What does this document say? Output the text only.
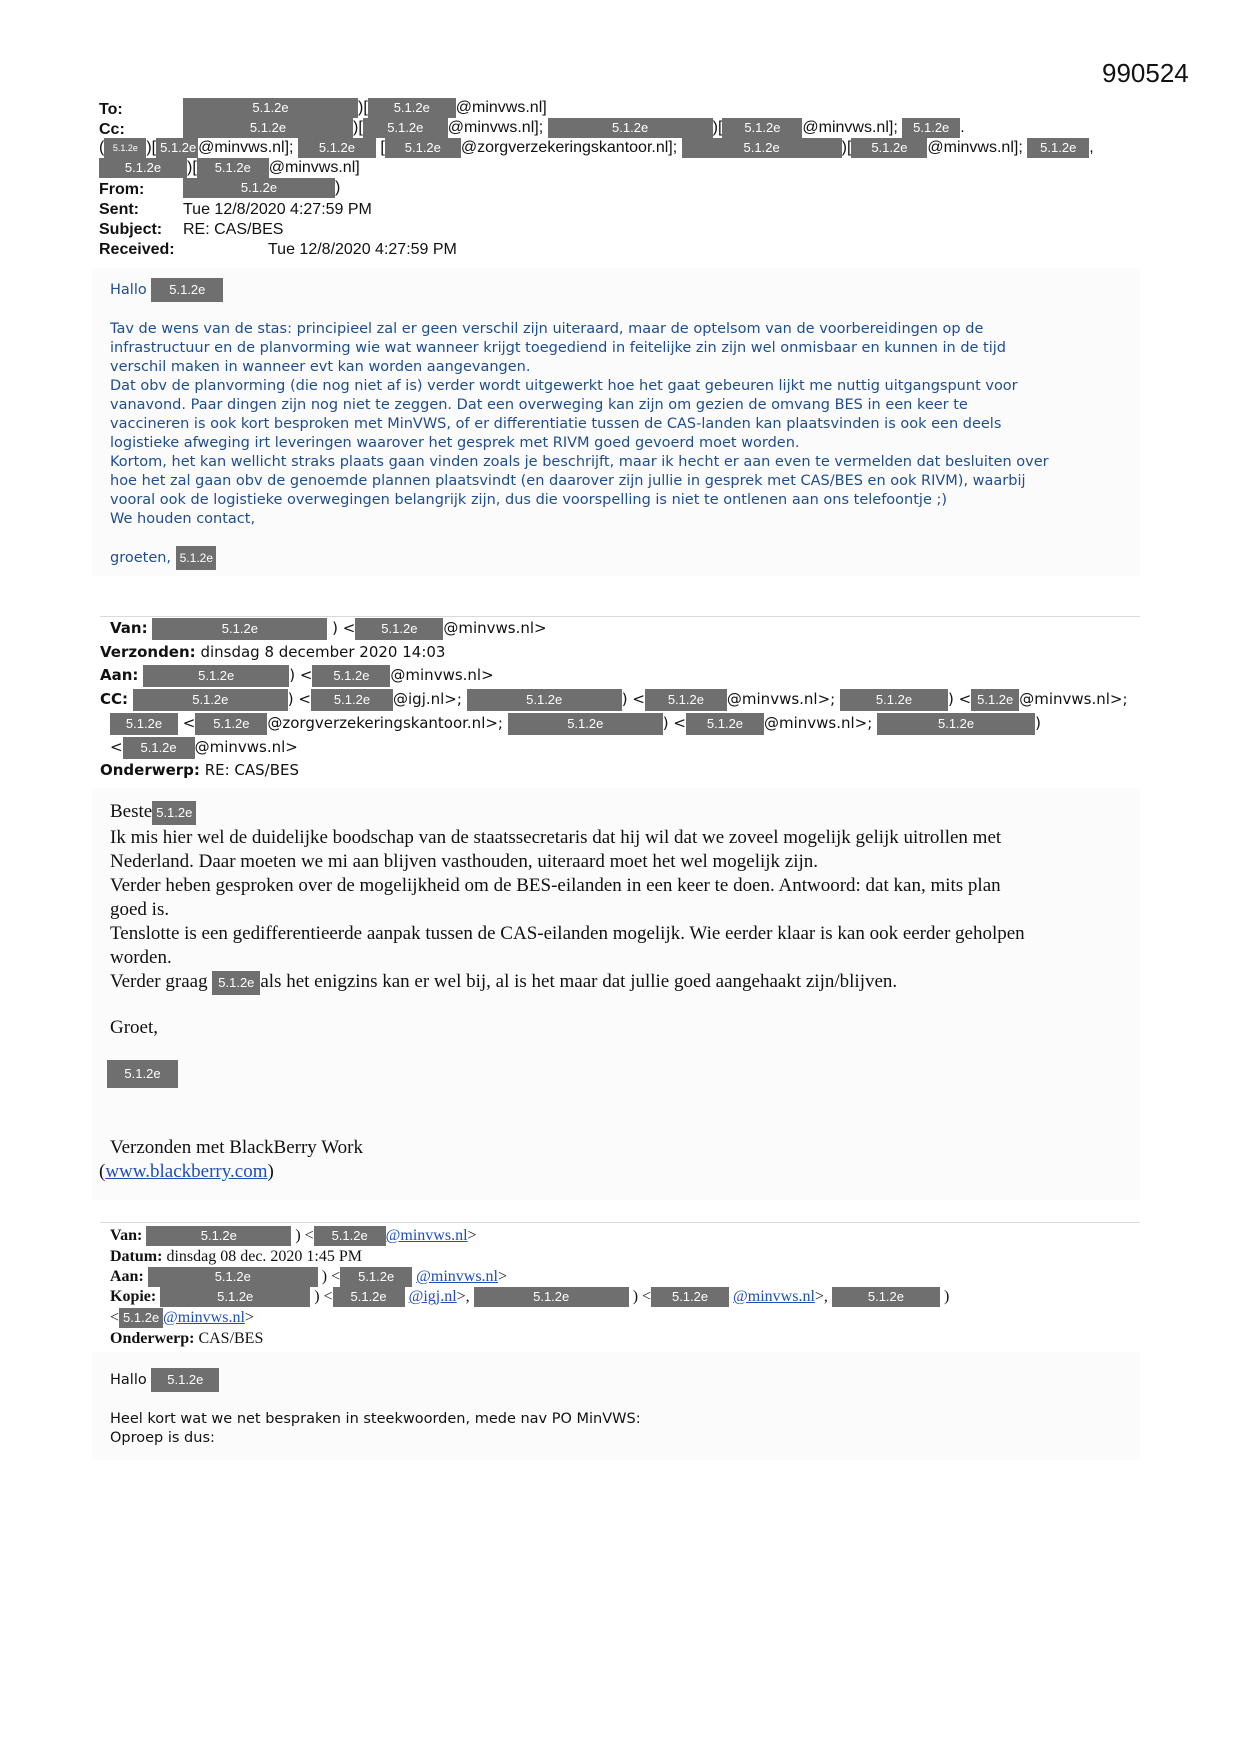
990524
To:	5.1.2e	)[ 5.1.2e @minvws.nl]
Cc:	5.1.2e	)[ 5.1.2e @minvws.nl];	5.1.2e	)[ 5.1.2e @minvws.nl]; 5.1.2e .
( 5.1.2e )[ 5.1.2e @minvws.nl]; 5.1.2e [ 5.1.2e @zorgverzekeringskantoor.nl];	5.1.2e	)[ 5.1.2e @minvws.nl]; 5.1.2e ,
5.1.2e )[ 5.1.2e @minvws.nl]
From:	5.1.2e	)
Sent:	Tue 12/8/2020 4:27:59 PM
Subject: RE: CAS/BES
Received:	Tue 12/8/2020 4:27:59 PM
Hallo 5.1.2e
Tav de wens van de stas: principieel zal er geen verschil zijn uiteraard, maar de optelsom van de voorbereidingen op de
infrastructuur en de planvorming wie wat wanneer krijgt toegediend in feitelijke zin zijn wel onmisbaar en kunnen in de tijd
verschil maken in wanneer evt kan worden aangevangen.
Dat obv de planvorming (die nog niet af is) verder wordt uitgewerkt hoe het gaat gebeuren lijkt me nuttig uitgangspunt voor
vanavond. Paar dingen zijn nog niet te zeggen. Dat een overweging kan zijn om gezien de omvang BES in een keer te
vaccineren is ook kort besproken met MinVWS, of er differentiatie tussen de CAS-landen kan plaatsvinden is ook een deels
logistieke afweging irt leveringen waarover het gesprek met RIVM goed gevoerd moet worden.
Kortom, het kan wellicht straks plaats gaan vinden zoals je beschrijft, maar ik hecht er aan even te vermelden dat besluiten over
hoe het zal gaan obv de genoemde plannen plaatsvindt (en daarover zijn jullie in gesprek met CAS/BES en ook RIVM), waarbij
vooral ook de logistieke overwegingen belangrijk zijn, dus die voorspelling is niet te ontlenen aan ons telefoontje ;)
We houden contact,
groeten, 5.1.2e
Van:	5.1.2e	) < 5.1.2e @minvws.nl>
Verzonden: dinsdag 8 december 2020 14:03
Aan:	5.1.2e	) < 5.1.2e @minvws.nl>
CC:	5.1.2e	) < 5.1.2e @igj.nl>;	5.1.2e	) < 5.1.2e @minvws.nl>;	5.1.2e ) < 5.1.2e @minvws.nl>;
5.1.2e < 5.1.2e @zorgverzekeringskantoor.nl>;	5.1.2e	) < 5.1.2e @minvws.nl>;	5.1.2e	)
< 5.1.2e @minvws.nl>
Onderwerp: RE: CAS/BES
Beste 5.1.2e
Ik mis hier wel de duidelijke boodschap van de staatssecretaris dat hij wil dat we zoveel mogelijk gelijk uitrollen met
Nederland. Daar moeten we mi aan blijven vasthouden, uiteraard moet het wel mogelijk zijn.
Verder heben gesproken over de mogelijkheid om de BES-eilanden in een keer te doen. Antwoord: dat kan, mits plan
goed is.
Tenslotte is een gedifferentieerde aanpak tussen de CAS-eilanden mogelijk. Wie eerder klaar is kan ook eerder geholpen
worden.
Verder graag 5.1.2e als het enigzins kan er wel bij, al is het maar dat jullie goed aangehaakt zijn/blijven.
Groet,
5.1.2e
Verzonden met BlackBerry Work
(www.blackberry.com)
Van:	5.1.2e	) < 5.1.2e @minvws.nl>
Datum: dinsdag 08 dec. 2020 1:45 PM
Aan:	5.1.2e	) < 5.1.2e @minvws.nl>
Kopie:	5.1.2e	) < 5.1.2e @igj.nl>,	5.1.2e	) < 5.1.2e @minvws.nl>,	5.1.2e )
< 5.1.2e @minvws.nl>
Onderwerp: CAS/BES
Hallo 5.1.2e
Heel kort wat we net bespraken in steekwoorden, mede nav PO MinVWS:
Oproep is dus:
